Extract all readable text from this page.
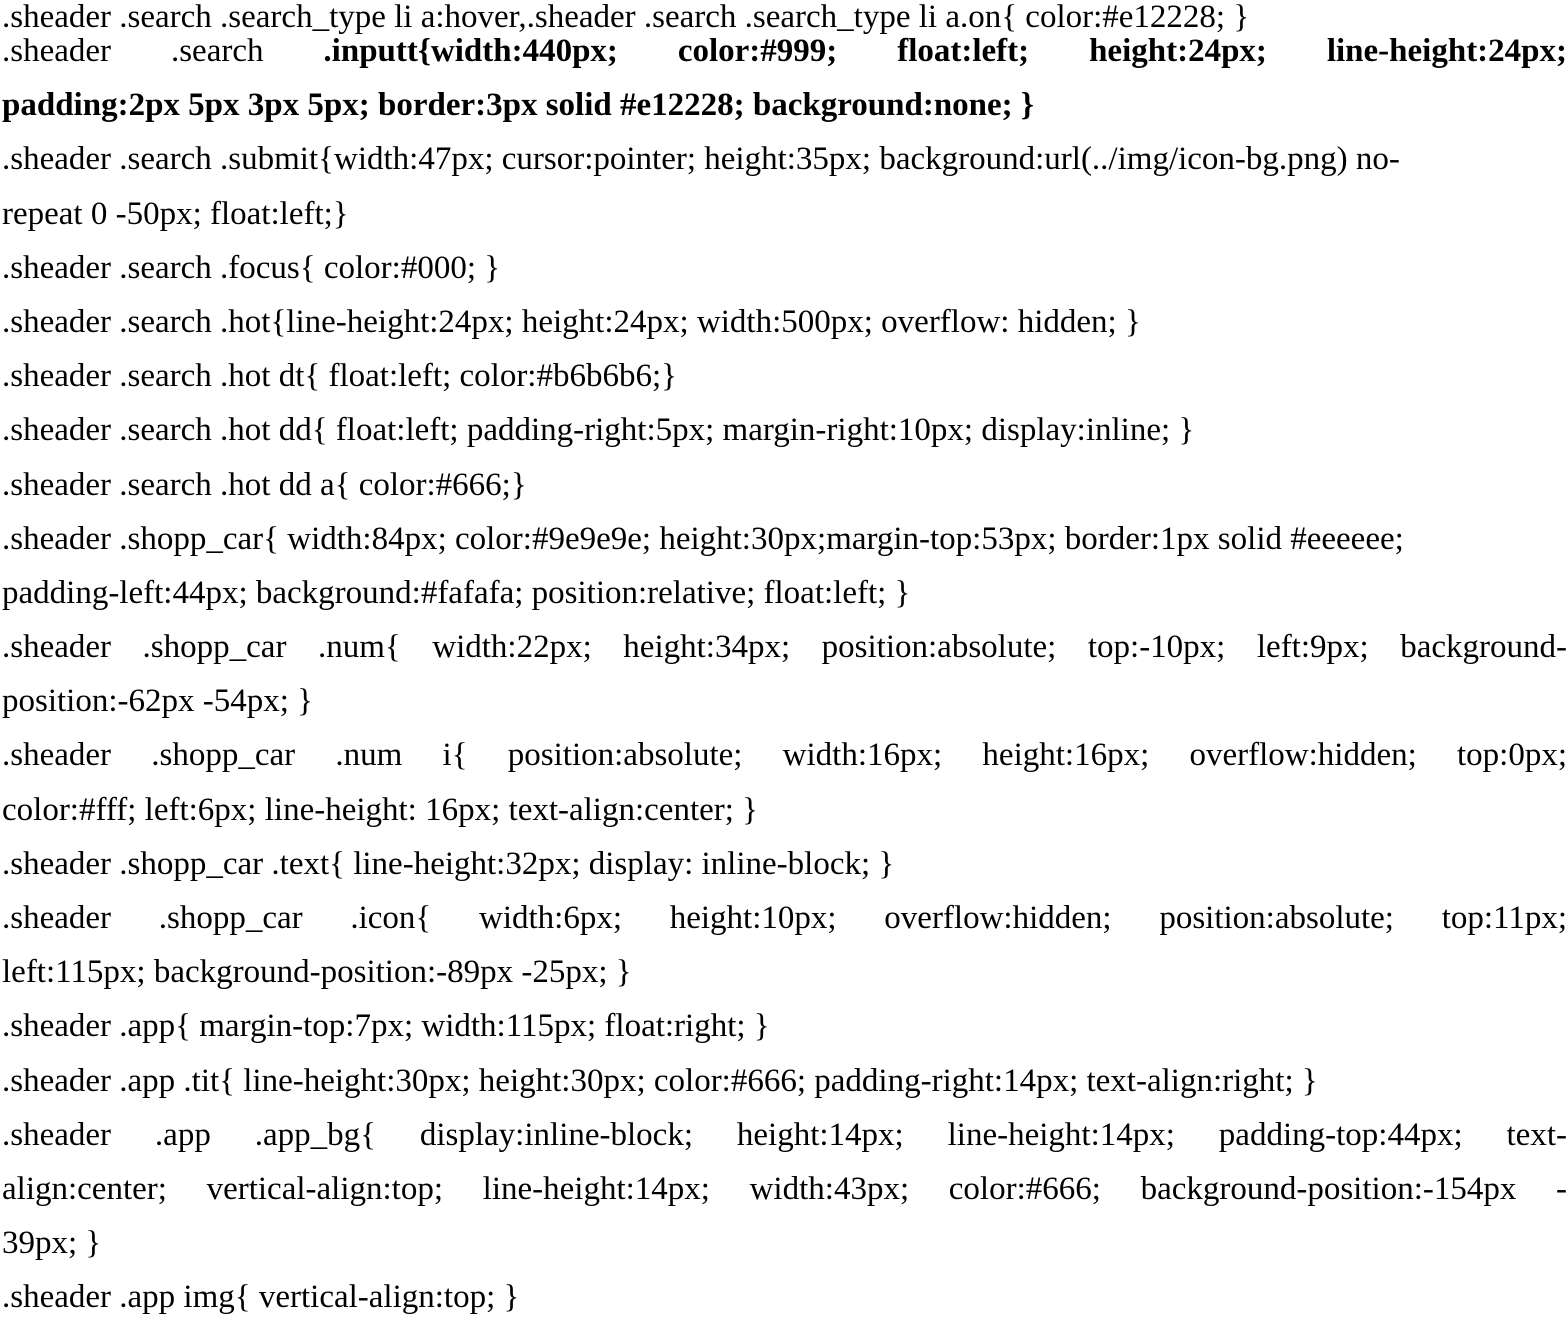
.sheader .search .search_type li a:hover,.sheader .search .search_type li a.on{ color:#e12228; }
.sheader .search .inputt{width:440px; color:#999; float:left; height:24px; line-height:24px;
padding:2px 5px 3px 5px; border:3px solid #e12228; background:none; }
.sheader .search .submit{width:47px; cursor:pointer; height:35px; background:url(../img/icon-bg.png) no-
repeat 0 -50px; float:left;}
.sheader .search .focus{ color:#000; }
.sheader .search .hot{line-height:24px; height:24px; width:500px; overflow: hidden; }
.sheader .search .hot dt{ float:left; color:#b6b6b6;}
.sheader .search .hot dd{ float:left; padding-right:5px; margin-right:10px; display:inline; }
.sheader .search .hot dd a{ color:#666;}
.sheader .shopp_car{ width:84px; color:#9e9e9e; height:30px;margin-top:53px; border:1px solid #eeeeee;
padding-left:44px; background:#fafafa; position:relative; float:left; }
.sheader .shopp_car .num{ width:22px; height:34px; position:absolute; top:-10px; left:9px; background-
position:-62px -54px; }
.sheader .shopp_car .num i{ position:absolute; width:16px; height:16px; overflow:hidden; top:0px;
color:#fff; left:6px; line-height: 16px; text-align:center; }
.sheader .shopp_car .text{ line-height:32px; display: inline-block; }
.sheader .shopp_car .icon{ width:6px; height:10px; overflow:hidden; position:absolute; top:11px;
left:115px; background-position:-89px -25px; }
.sheader .app{ margin-top:7px; width:115px; float:right; }
.sheader .app .tit{ line-height:30px; height:30px; color:#666; padding-right:14px; text-align:right; }
.sheader .app .app_bg{ display:inline-block; height:14px; line-height:14px; padding-top:44px; text-
align:center; vertical-align:top; line-height:14px; width:43px; color:#666; background-position:-154px -
39px; }
.sheader .app img{ vertical-align:top; }
